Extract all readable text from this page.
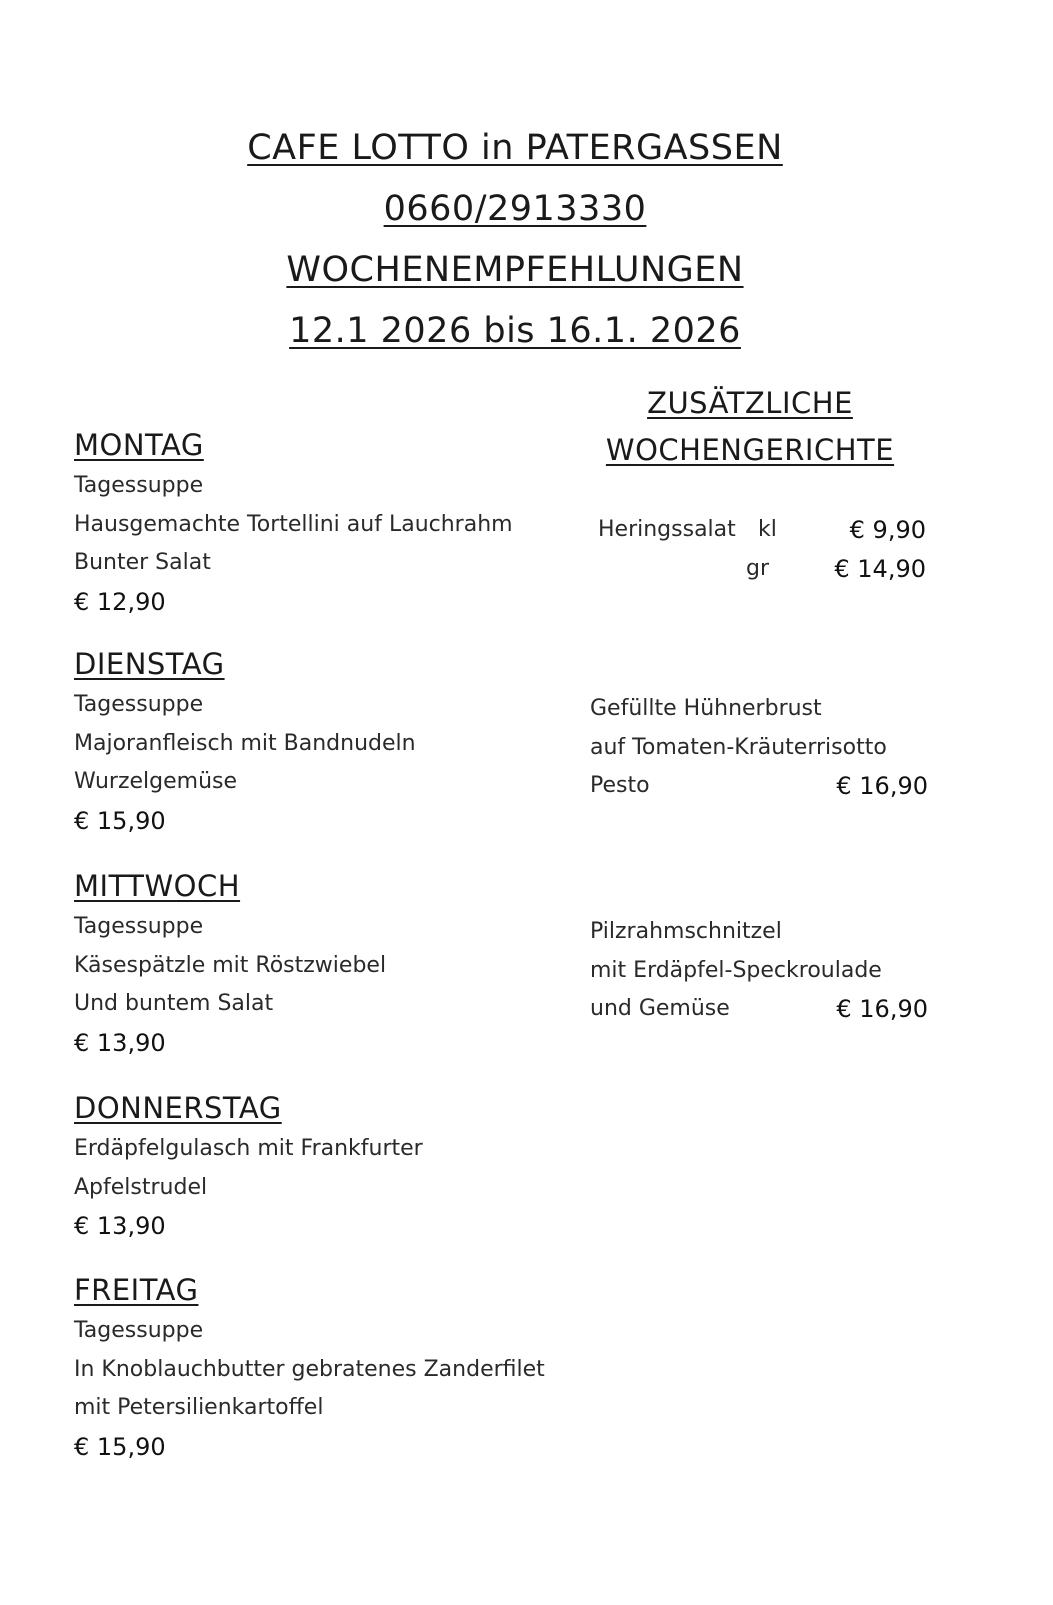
CAFE LOTTO in PATERGASSEN
0660/2913330
WOCHENEMPFEHLUNGEN
12.1 2026 bis 16.1. 2026
MONTAG
Tagessuppe
Hausgemachte Tortellini auf Lauchrahm
Bunter Salat
€ 12,90
DIENSTAG
Tagessuppe
Majoranfleisch mit Bandnudeln
Wurzelgemüse
€ 15,90
MITTWOCH
Tagessuppe
Käsespätzle mit Röstzwiebel
Und buntem Salat
€ 13,90
DONNERSTAG
Erdäpfelgulasch mit Frankfurter
Apfelstrudel
€ 13,90
FREITAG
Tagessuppe
In Knoblauchbutter gebratenes Zanderfilet
mit Petersilienkartoffel
€ 15,90
ZUSÄTZLICHE
WOCHENGERICHTE
Heringssalat kl	€ 9,90
gr	€ 14,90
Gefüllte Hühnerbrust
auf Tomaten-Kräuterrisotto
Pesto	€ 16,90
Pilzrahmschnitzel
mit Erdäpfel-Speckroulade
und Gemüse	€ 16,90
